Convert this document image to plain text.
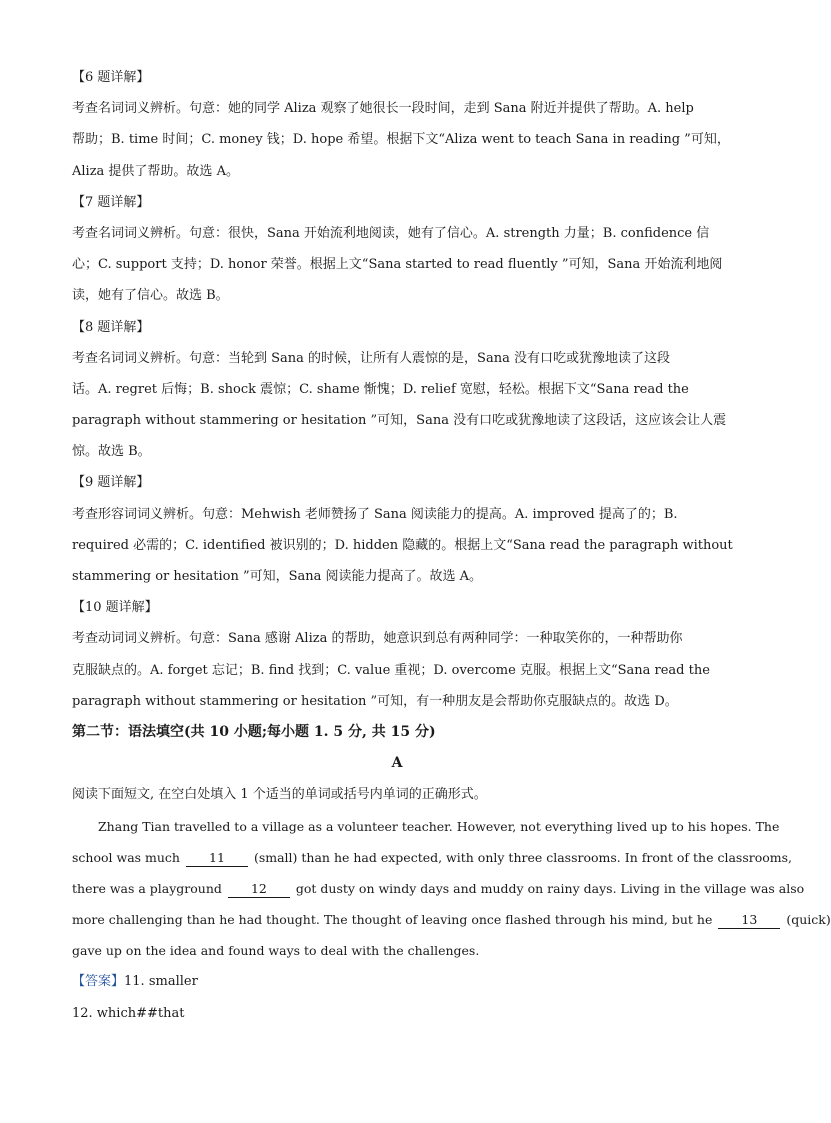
【6 题详解】
考查名词词义辨析。句意：她的同学 Aliza 观察了她很长一段时间，走到 Sana 附近并提供了帮助。A. help
帮助；B. time 时间；C. money 钱；D. hope 希望。根据下文“Aliza went to teach Sana in reading ”可知，
Aliza 提供了帮助。故选 A。
【7 题详解】
考查名词词义辨析。句意：很快，Sana 开始流利地阅读，她有了信心。A. strength 力量；B. confidence 信
心；C. support 支持；D. honor 荣誉。根据上文“Sana started to read fluently ”可知，Sana 开始流利地阅
读，她有了信心。故选 B。
【8 题详解】
考查名词词义辨析。句意：当轮到 Sana 的时候，让所有人震惊的是，Sana 没有口吃或犹豫地读了这段
话。A. regret 后悔；B. shock 震惊；C. shame 惭愧；D. relief 宽慰，轻松。根据下文“Sana read the
paragraph without stammering or hesitation ”可知，Sana 没有口吃或犹豫地读了这段话，这应该会让人震
惊。故选 B。
【9 题详解】
考查形容词词义辨析。句意：Mehwish 老师赞扬了 Sana 阅读能力的提高。A. improved 提高了的；B.
required 必需的；C. identified 被识别的；D. hidden 隐藏的。根据上文“Sana read the paragraph without
stammering or hesitation ”可知，Sana 阅读能力提高了。故选 A。
【10 题详解】
考查动词词义辨析。句意：Sana 感谢 Aliza 的帮助，她意识到总有两种同学：一种取笑你的，一种帮助你
克服缺点的。A. forget 忘记；B. find 找到；C. value 重视；D. overcome 克服。根据上文“Sana read the
paragraph without stammering or hesitation ”可知，有一种朋友是会帮助你克服缺点的。故选 D。
第二节：语法填空(共 10 小题;每小题 1. 5 分, 共 15 分)
A
阅读下面短文, 在空白处填入 1 个适当的单词或括号内单词的正确形式。
Zhang Tian travelled to a village as a volunteer teacher. However, not everything lived up to his hopes. The
school was much 11 (small) than he had expected, with only three classrooms. In front of the classrooms,
there was a playground 12 got dusty on windy days and muddy on rainy days. Living in the village was also
more challenging than he had thought. The thought of leaving once flashed through his mind, but he 13 (quick)
gave up on the idea and found ways to deal with the challenges.
【答案】11. smaller
12. which##that
